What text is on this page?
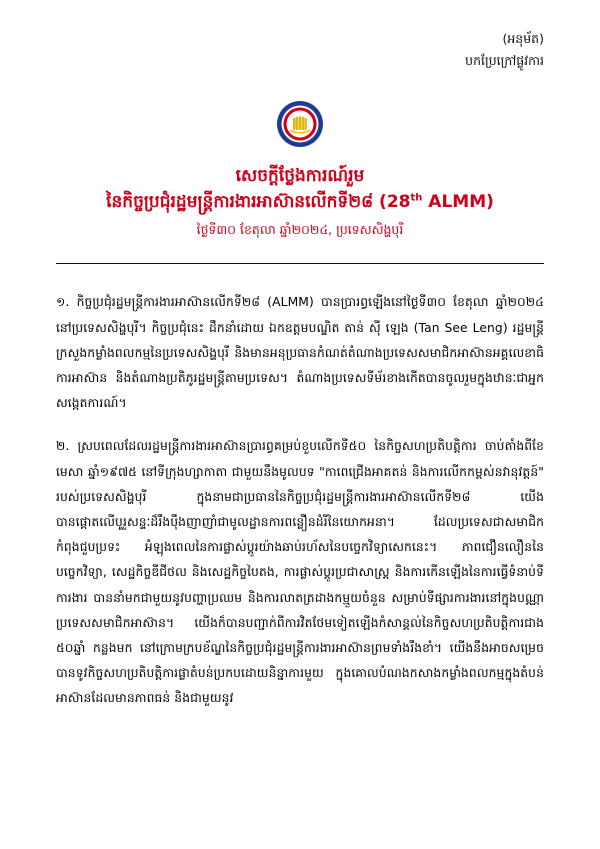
(អនុម័ត)
បកប្រែក្រៅផ្លូវការ
សេចក្តីថ្លែងការណ៍រួម
នៃកិច្ចប្រជុំរដ្ឋមន្ត្រីការងារអាស៊ានលើកទី២៨ (28th ALMM)
ថ្ងៃទី៣០ ខែតុលា ឆ្នាំ២០២៤, ប្រទេសសិង្ហបុរី

១. កិច្ចប្រជុំរដ្ឋមន្ត្រីការងារអាស៊ានលើកទី២៨ (ALMM) បានប្រារព្ធឡើងនៅថ្ងៃទី៣០ ខែតុលា ឆ្នាំ២០២៤ នៅប្រទេសសិង្ហបុរី។ កិច្ចប្រជុំនេះ ដឹកនាំដោយ ឯកឧត្តមបណ្ឌិត តាន់ ស៊ី ឡេង (Tan See Leng) រដ្ឋមន្ត្រីក្រសួងកម្លាំងពលកម្មនៃប្រទេសសិង្ហបុរី និងមានអនុប្រធានកំណត់តំណាងប្រទេសសមាជិកអាស៊ានអគ្គលេខាធិការអាស៊ាន និងតំណាងប្រតិភូរដ្ឋមន្ត្រីតាមប្រទេស។ តំណាងប្រទេសទីម័រខាងកើតបានចូលរួមក្នុងឋានៈជាអ្នកសង្កេតការណ៍។

២. ស្របពេលដែលរដ្ឋមន្ត្រីការងារអាស៊ានប្រារព្ធគម្រប់ខួបលើកទី៥០ នៃកិច្ចសហប្រតិបត្តិការ ចាប់តាំងពីខែមេសា ឆ្នាំ១៩៧៥ នៅទីក្រុងហ្សាកាតា ជាមួយនឹងមូលបទ "កាពេជ្រើងអាគតន់ និងការលើកកម្ពស់នវានុវត្តន៍" របស់ប្រទេសសិង្ហបុរី ក្នុងនាមជាប្រធាននៃកិច្ចប្រជុំរដ្ឋមន្ត្រីការងារអាស៊ានលើកទី២៨ យើងបានផ្តោតលើបូរួសន្ទៈដ៏រឹងប៉ឹងញាញាំជាមូលដ្ឋានការពន្លឿនដំរីនៃយោកអនា។ ដែលប្រទេសជាសមាជិកកំពុងជួបប្រទះ អំឡុងពេលនៃការផ្លាស់ប្តូរយ៉ាងឆាប់រហ័សនៃបច្ចេកវិទ្យាសេកនេះ។ ភាពជឿនលឿននៃបច្ចេកវិទ្យា, សេដ្ឋកិច្ចឌីជីថល និងសេដ្ឋកិច្ចបៃតង, ការផ្លាស់ប្តូរប្រជាសាស្ត្រ និងការកើនឡើងនៃការធ្វើទំនាប់ទីការងារ បាននាំមកជាមួយនូវបញ្ហាប្រឈម និងការលាតត្រដាងកម្មួយចំនួន សម្រាប់ទីផ្សារការងារនៅក្នុងបណ្ណាប្រទេសសមាជិកអាស៊ាន។ យើងក៏បានបញ្ជាក់ពីការវិតថែមទៀតឡើងកំសាន្តល់នៃកិច្ចសហប្រតិបត្តិការជាង ៥០ឆ្នាំ កន្លងមក នៅក្រោមក្របខ័ណ្ឌនៃកិច្ចប្រជុំរដ្ឋមន្ត្រីការងារអាស៊ានព្រមទាំងរឹងខាំ។ យើងនឹងអាចសម្រេចបានទូវកិច្ចសហប្រតិបត្តិការផ្លាតំបន់ប្រកបដោយនិន្នាការមួយ ក្នុងគោលបំណងកសាងកម្លាំងពលកម្មក្នុងតំបន់អាស៊ានដែលមានភាពធន់ និងជាមួយនូវ
